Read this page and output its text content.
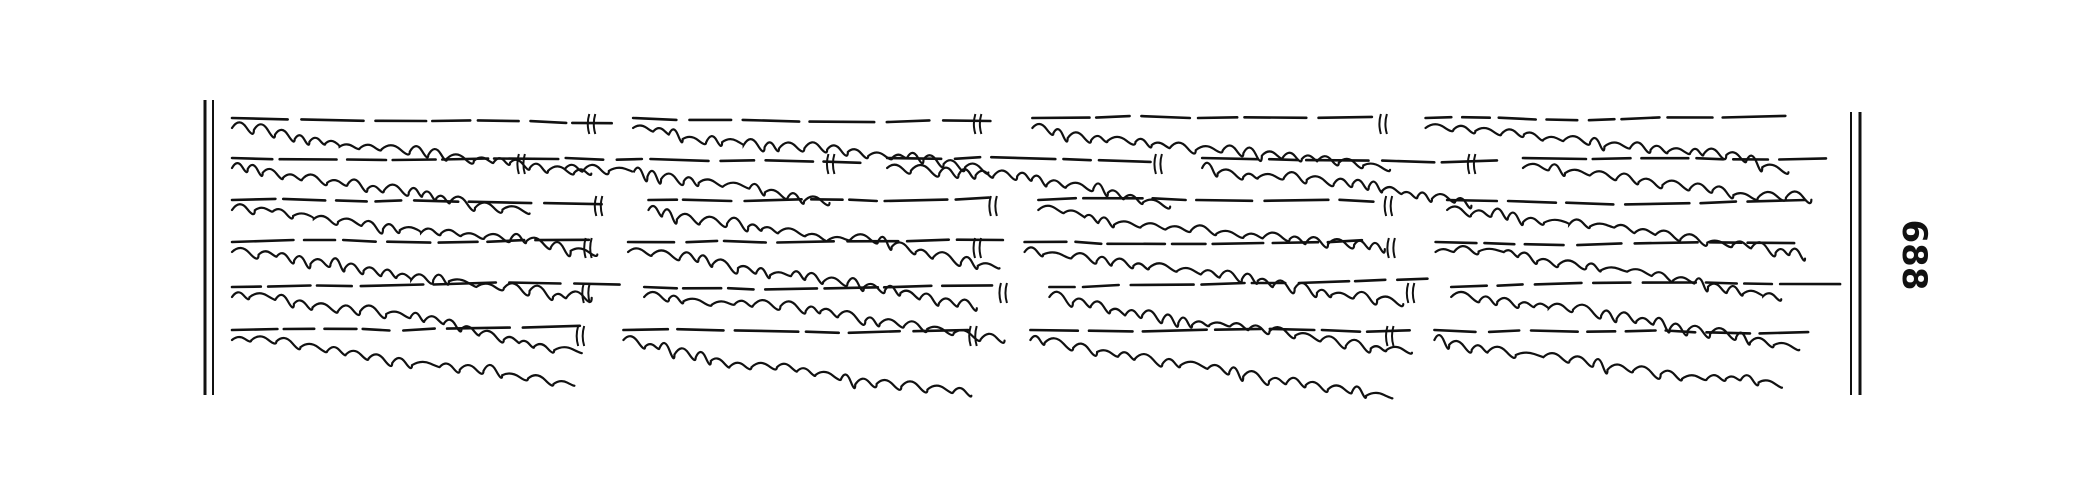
688
